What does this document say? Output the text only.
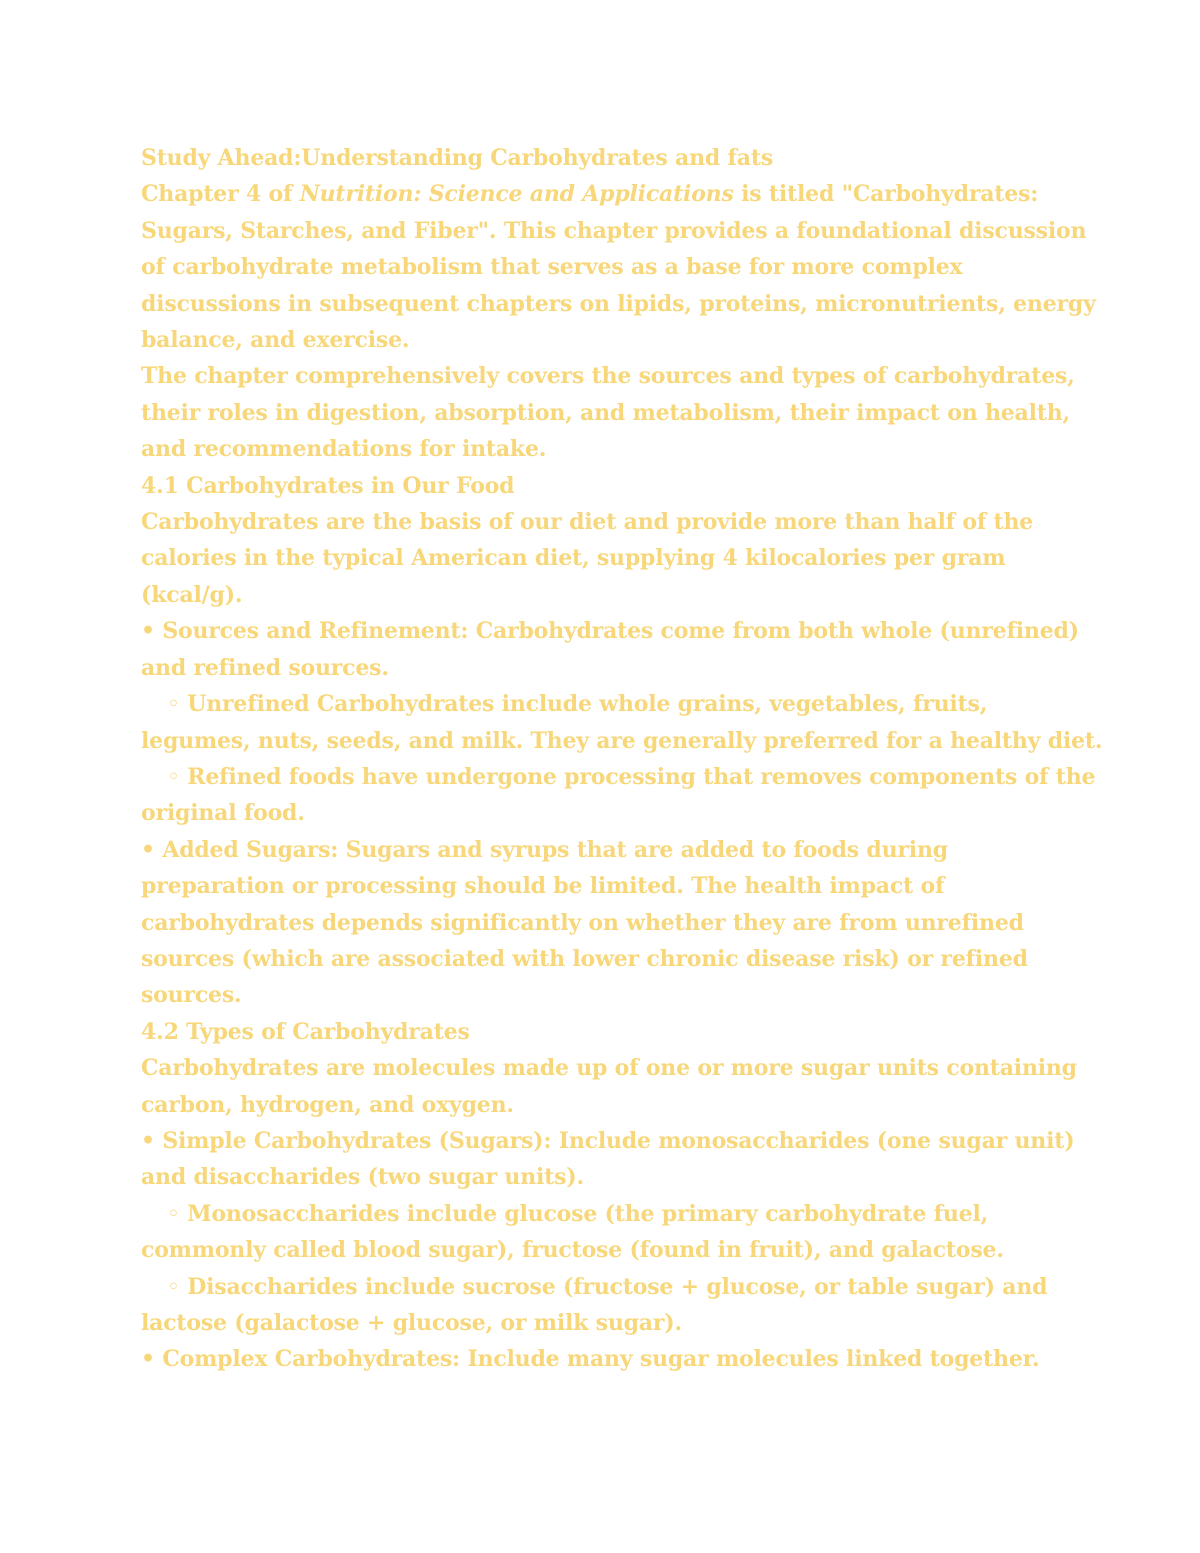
Study Ahead:Understanding Carbohydrates and fats
Chapter 4 of Nutrition: Science and Applications is titled "Carbohydrates:
Sugars, Starches, and Fiber". This chapter provides a foundational discussion
of carbohydrate metabolism that serves as a base for more complex
discussions in subsequent chapters on lipids, proteins, micronutrients, energy
balance, and exercise.
The chapter comprehensively covers the sources and types of carbohydrates,
their roles in digestion, absorption, and metabolism, their impact on health,
and recommendations for intake.
4.1 Carbohydrates in Our Food
Carbohydrates are the basis of our diet and provide more than half of the
calories in the typical American diet, supplying 4 kilocalories per gram
(kcal/g).
• Sources and Refinement: Carbohydrates come from both whole (unrefined)
and refined sources.
◦ Unrefined Carbohydrates include whole grains, vegetables, fruits,
legumes, nuts, seeds, and milk. They are generally preferred for a healthy diet.
◦ Refined foods have undergone processing that removes components of the
original food.
• Added Sugars: Sugars and syrups that are added to foods during
preparation or processing should be limited. The health impact of
carbohydrates depends significantly on whether they are from unrefined
sources (which are associated with lower chronic disease risk) or refined
sources.
4.2 Types of Carbohydrates
Carbohydrates are molecules made up of one or more sugar units containing
carbon, hydrogen, and oxygen.
• Simple Carbohydrates (Sugars): Include monosaccharides (one sugar unit)
and disaccharides (two sugar units).
◦ Monosaccharides include glucose (the primary carbohydrate fuel,
commonly called blood sugar), fructose (found in fruit), and galactose.
◦ Disaccharides include sucrose (fructose + glucose, or table sugar) and
lactose (galactose + glucose, or milk sugar).
• Complex Carbohydrates: Include many sugar molecules linked together.
